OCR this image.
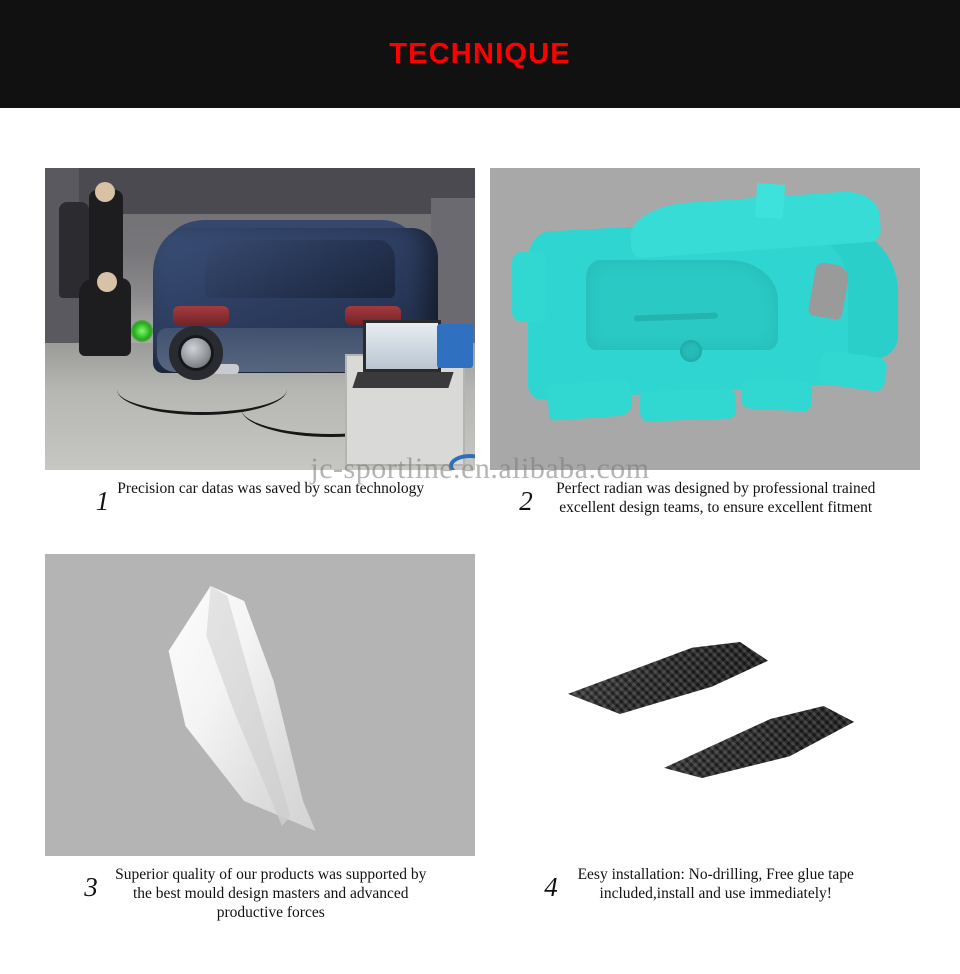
TECHNIQUE
1 Precision car datas was saved by scan technology	2	Perfect radian was designed by professional trained excellent design teams, to ensure excellent fitment
3	Superior quality of our products was supported by the best mould design masters and advanced productive forces
4	Eesy installation: No-drilling, Free glue tape included,install and use immediately!
jc-sportline.en.alibaba.com
